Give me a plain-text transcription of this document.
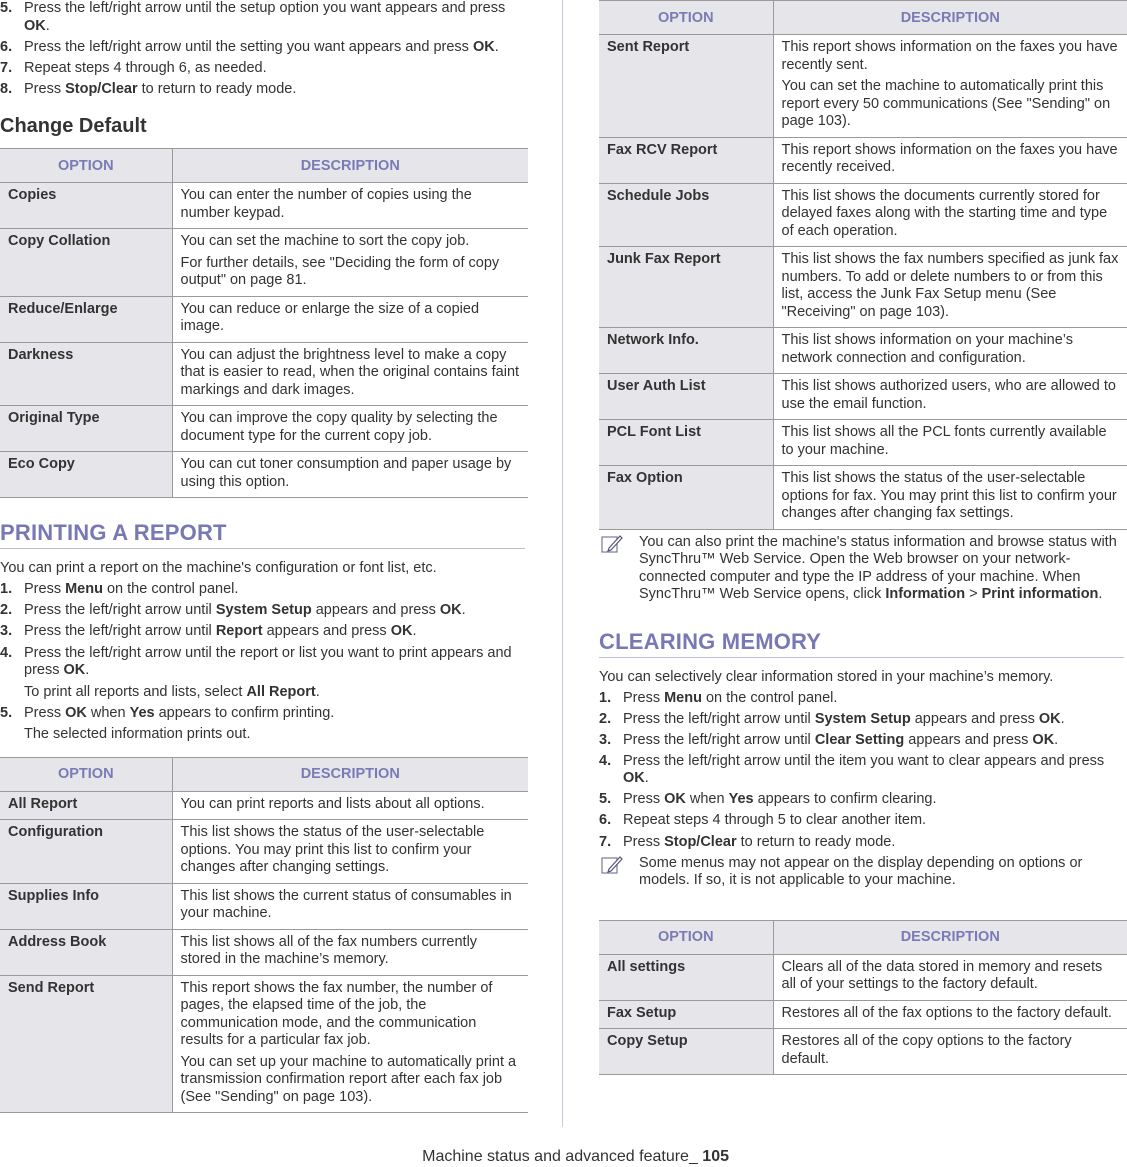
5. Press the left/right arrow until the setup option you want appears and press OK.
6. Press the left/right arrow until the setting you want appears and press OK.
7. Repeat steps 4 through 6, as needed.
8. Press Stop/Clear to return to ready mode.
Change Default
OPTION	DESCRIPTION
Copies	You can enter the number of copies using the number keypad.

Copy Collation	You can set the machine to sort the copy job.
For further details, see "Deciding the form of copy output" on page 81.

Reduce/Enlarge	You can reduce or enlarge the size of a copied image.

Darkness	You can adjust the brightness level to make a copy that is easier to read, when the original contains faint markings and dark images.

Original Type	You can improve the copy quality by selecting the document type for the current copy job.

Eco Copy	You can cut toner consumption and paper usage by using this option.
PRINTING A REPORT

You can print a report on the machine's configuration or font list, etc.

1. Press Menu on the control panel.
2. Press the left/right arrow until System Setup appears and press OK.
3. Press the left/right arrow until Report appears and press OK.
4. Press the left/right arrow until the report or list you want to print appears and press OK.
To print all reports and lists, select All Report.
5. Press OK when Yes appears to confirm printing.
The selected information prints out.
OPTION	DESCRIPTION
All Report	You can print reports and lists about all options.

Configuration	This list shows the status of the user-selectable options. You may print this list to confirm your changes after changing settings.

Supplies Info	This list shows the current status of consumables in your machine.

Address Book	This list shows all of the fax numbers currently stored in the machine’s memory.

Send Report	This report shows the fax number, the number of pages, the elapsed time of the job, the communication mode, and the communication results for a particular fax job.
You can set up your machine to automatically print a transmission confirmation report after each fax job (See "Sending" on page 103).
OPTION	DESCRIPTION
Sent Report	This report shows information on the faxes you have recently sent.
You can set the machine to automatically print this report every 50 communications (See "Sending" on page 103).

Fax RCV Report	This report shows information on the faxes you have recently received.

Schedule Jobs	This list shows the documents currently stored for delayed faxes along with the starting time and type of each operation.

Junk Fax Report	This list shows the fax numbers specified as junk fax numbers. To add or delete numbers to or from this list, access the Junk Fax Setup menu (See "Receiving" on page 103).

Network Info.	This list shows information on your machine’s network connection and configuration.

User Auth List	This list shows authorized users, who are allowed to use the email function.

PCL Font List	This list shows all the PCL fonts currently available to your machine.

Fax Option	This list shows the status of the user-selectable options for fax. You may print this list to confirm your changes after changing fax settings.

You can also print the machine's status information and browse status with SyncThru™ Web Service. Open the Web browser on your network-connected computer and type the IP address of your machine. When SyncThru™ Web Service opens, click Information > Print information.

CLEARING MEMORY

You can selectively clear information stored in your machine’s memory.

1. Press Menu on the control panel.
2. Press the left/right arrow until System Setup appears and press OK.
3. Press the left/right arrow until Clear Setting appears and press OK.
4. Press the left/right arrow until the item you want to clear appears and press OK.
5. Press OK when Yes appears to confirm clearing.
6. Repeat steps 4 through 5 to clear another item.
7. Press Stop/Clear to return to ready mode.

Some menus may not appear on the display depending on options or models. If so, it is not applicable to your machine.

OPTION	DESCRIPTION
All settings	Clears all of the data stored in memory and resets all of your settings to the factory default.

Fax Setup	Restores all of the fax options to the factory default.

Copy Setup	Restores all of the copy options to the factory default.
Machine status and advanced feature_ 105
